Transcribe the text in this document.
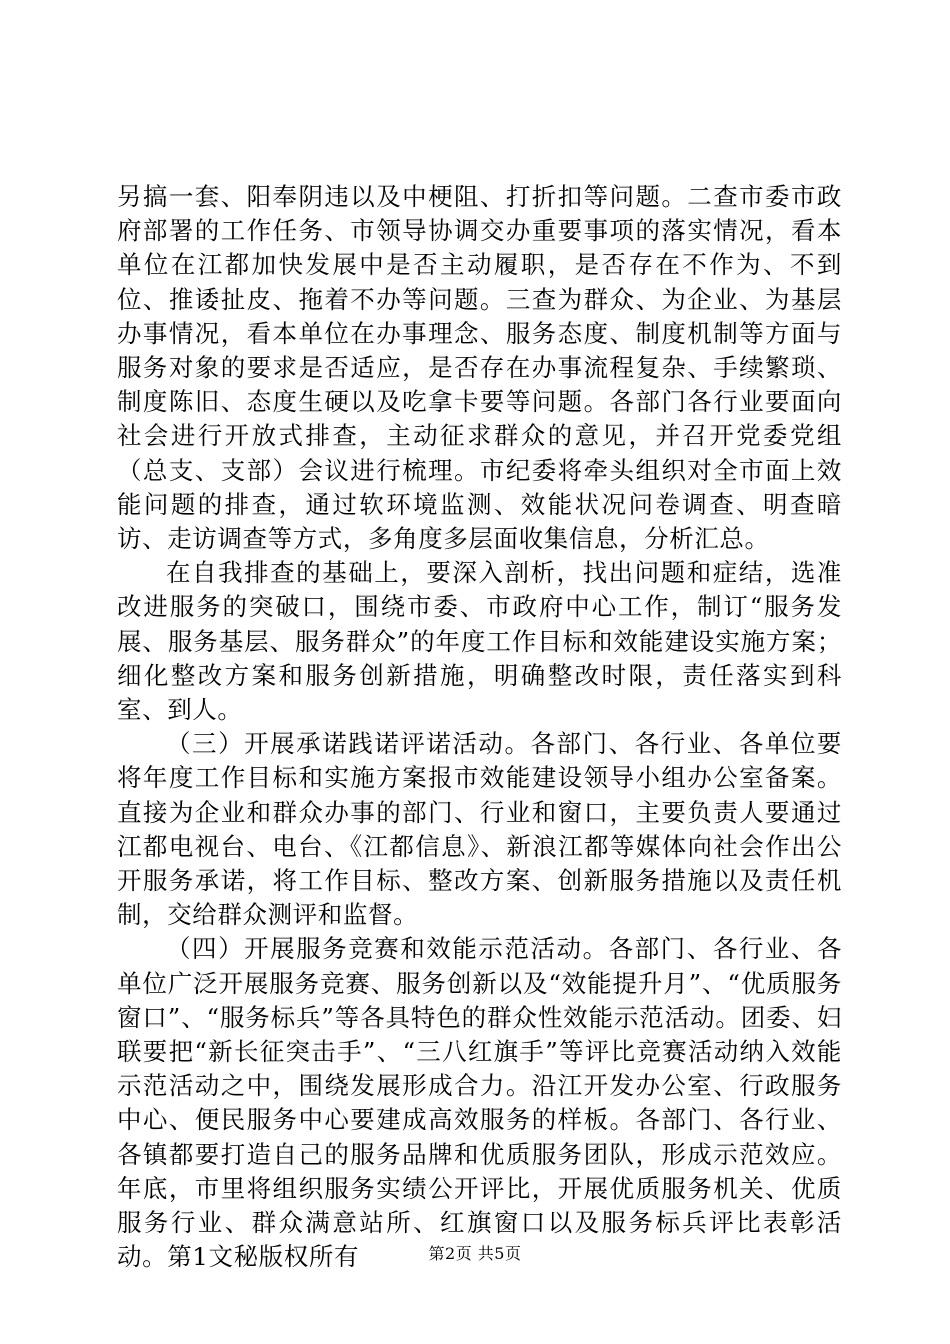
另搞一套、阳奉阴违以及中梗阻、打折扣等问题。二查市委市政府部署的工作任务、市领导协调交办重要事项的落实情况，看本单位在江都加快发展中是否主动履职，是否存在不作为、不到位、推诿扯皮、拖着不办等问题。三查为群众、为企业、为基层办事情况，看本单位在办事理念、服务态度、制度机制等方面与服务对象的要求是否适应，是否存在办事流程复杂、手续繁琐、制度陈旧、态度生硬以及吃拿卡要等问题。各部门各行业要面向社会进行开放式排查，主动征求群众的意见，并召开党委党组（总支、支部）会议进行梳理。市纪委将牵头组织对全市面上效能问题的排查，通过软环境监测、效能状况问卷调查、明查暗访、走访调查等方式，多角度多层面收集信息，分析汇总。

在自我排查的基础上，要深入剖析，找出问题和症结，选准改进服务的突破口，围绕市委、市政府中心工作，制订“服务发展、服务基层、服务群众”的年度工作目标和效能建设实施方案；细化整改方案和服务创新措施，明确整改时限，责任落实到科室、到人。

（三）开展承诺践诺评诺活动。各部门、各行业、各单位要将年度工作目标和实施方案报市效能建设领导小组办公室备案。直接为企业和群众办事的部门、行业和窗口，主要负责人要通过江都电视台、电台、《江都信息》、新浪江都等媒体向社会作出公开服务承诺，将工作目标、整改方案、创新服务措施以及责任机制，交给群众测评和监督。

（四）开展服务竞赛和效能示范活动。各部门、各行业、各单位广泛开展服务竞赛、服务创新以及“效能提升月”、“优质服务窗口”、“服务标兵”等各具特色的群众性效能示范活动。团委、妇联要把“新长征突击手”、“三八红旗手”等评比竞赛活动纳入效能示范活动之中，围绕发展形成合力。沿江开发办公室、行政服务中心、便民服务中心要建成高效服务的样板。各部门、各行业、各镇都要打造自己的服务品牌和优质服务团队，形成示范效应。年底，市里将组织服务实绩公开评比，开展优质服务机关、优质服务行业、群众满意站所、红旗窗口以及服务标兵评比表彰活动。第1文秘版权所有	第2页 共5页
